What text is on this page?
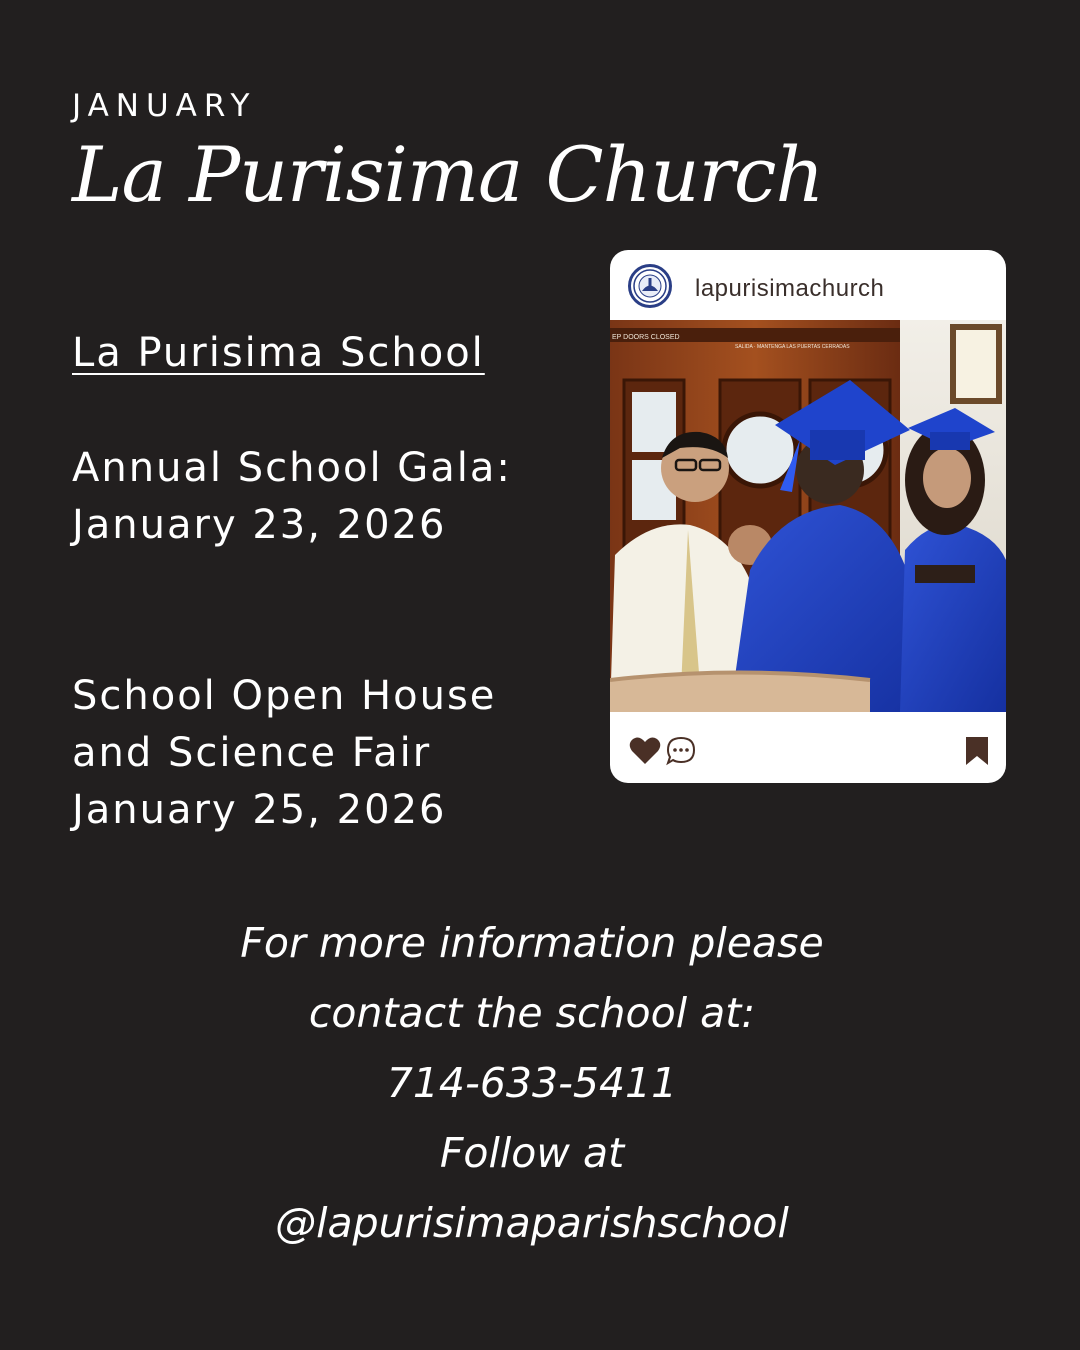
JANUARY
La Purisima Church
La Purisima School
Annual School Gala:
January 23, 2026
School Open House
and Science Fair
January 25, 2026
lapurisimachurch
EP DOORS CLOSED
SALIDA · MANTENGA LAS PUERTAS CERRADAS
For more information please
contact the school at:
714-633-5411
Follow at
@lapurisimaparishschool
